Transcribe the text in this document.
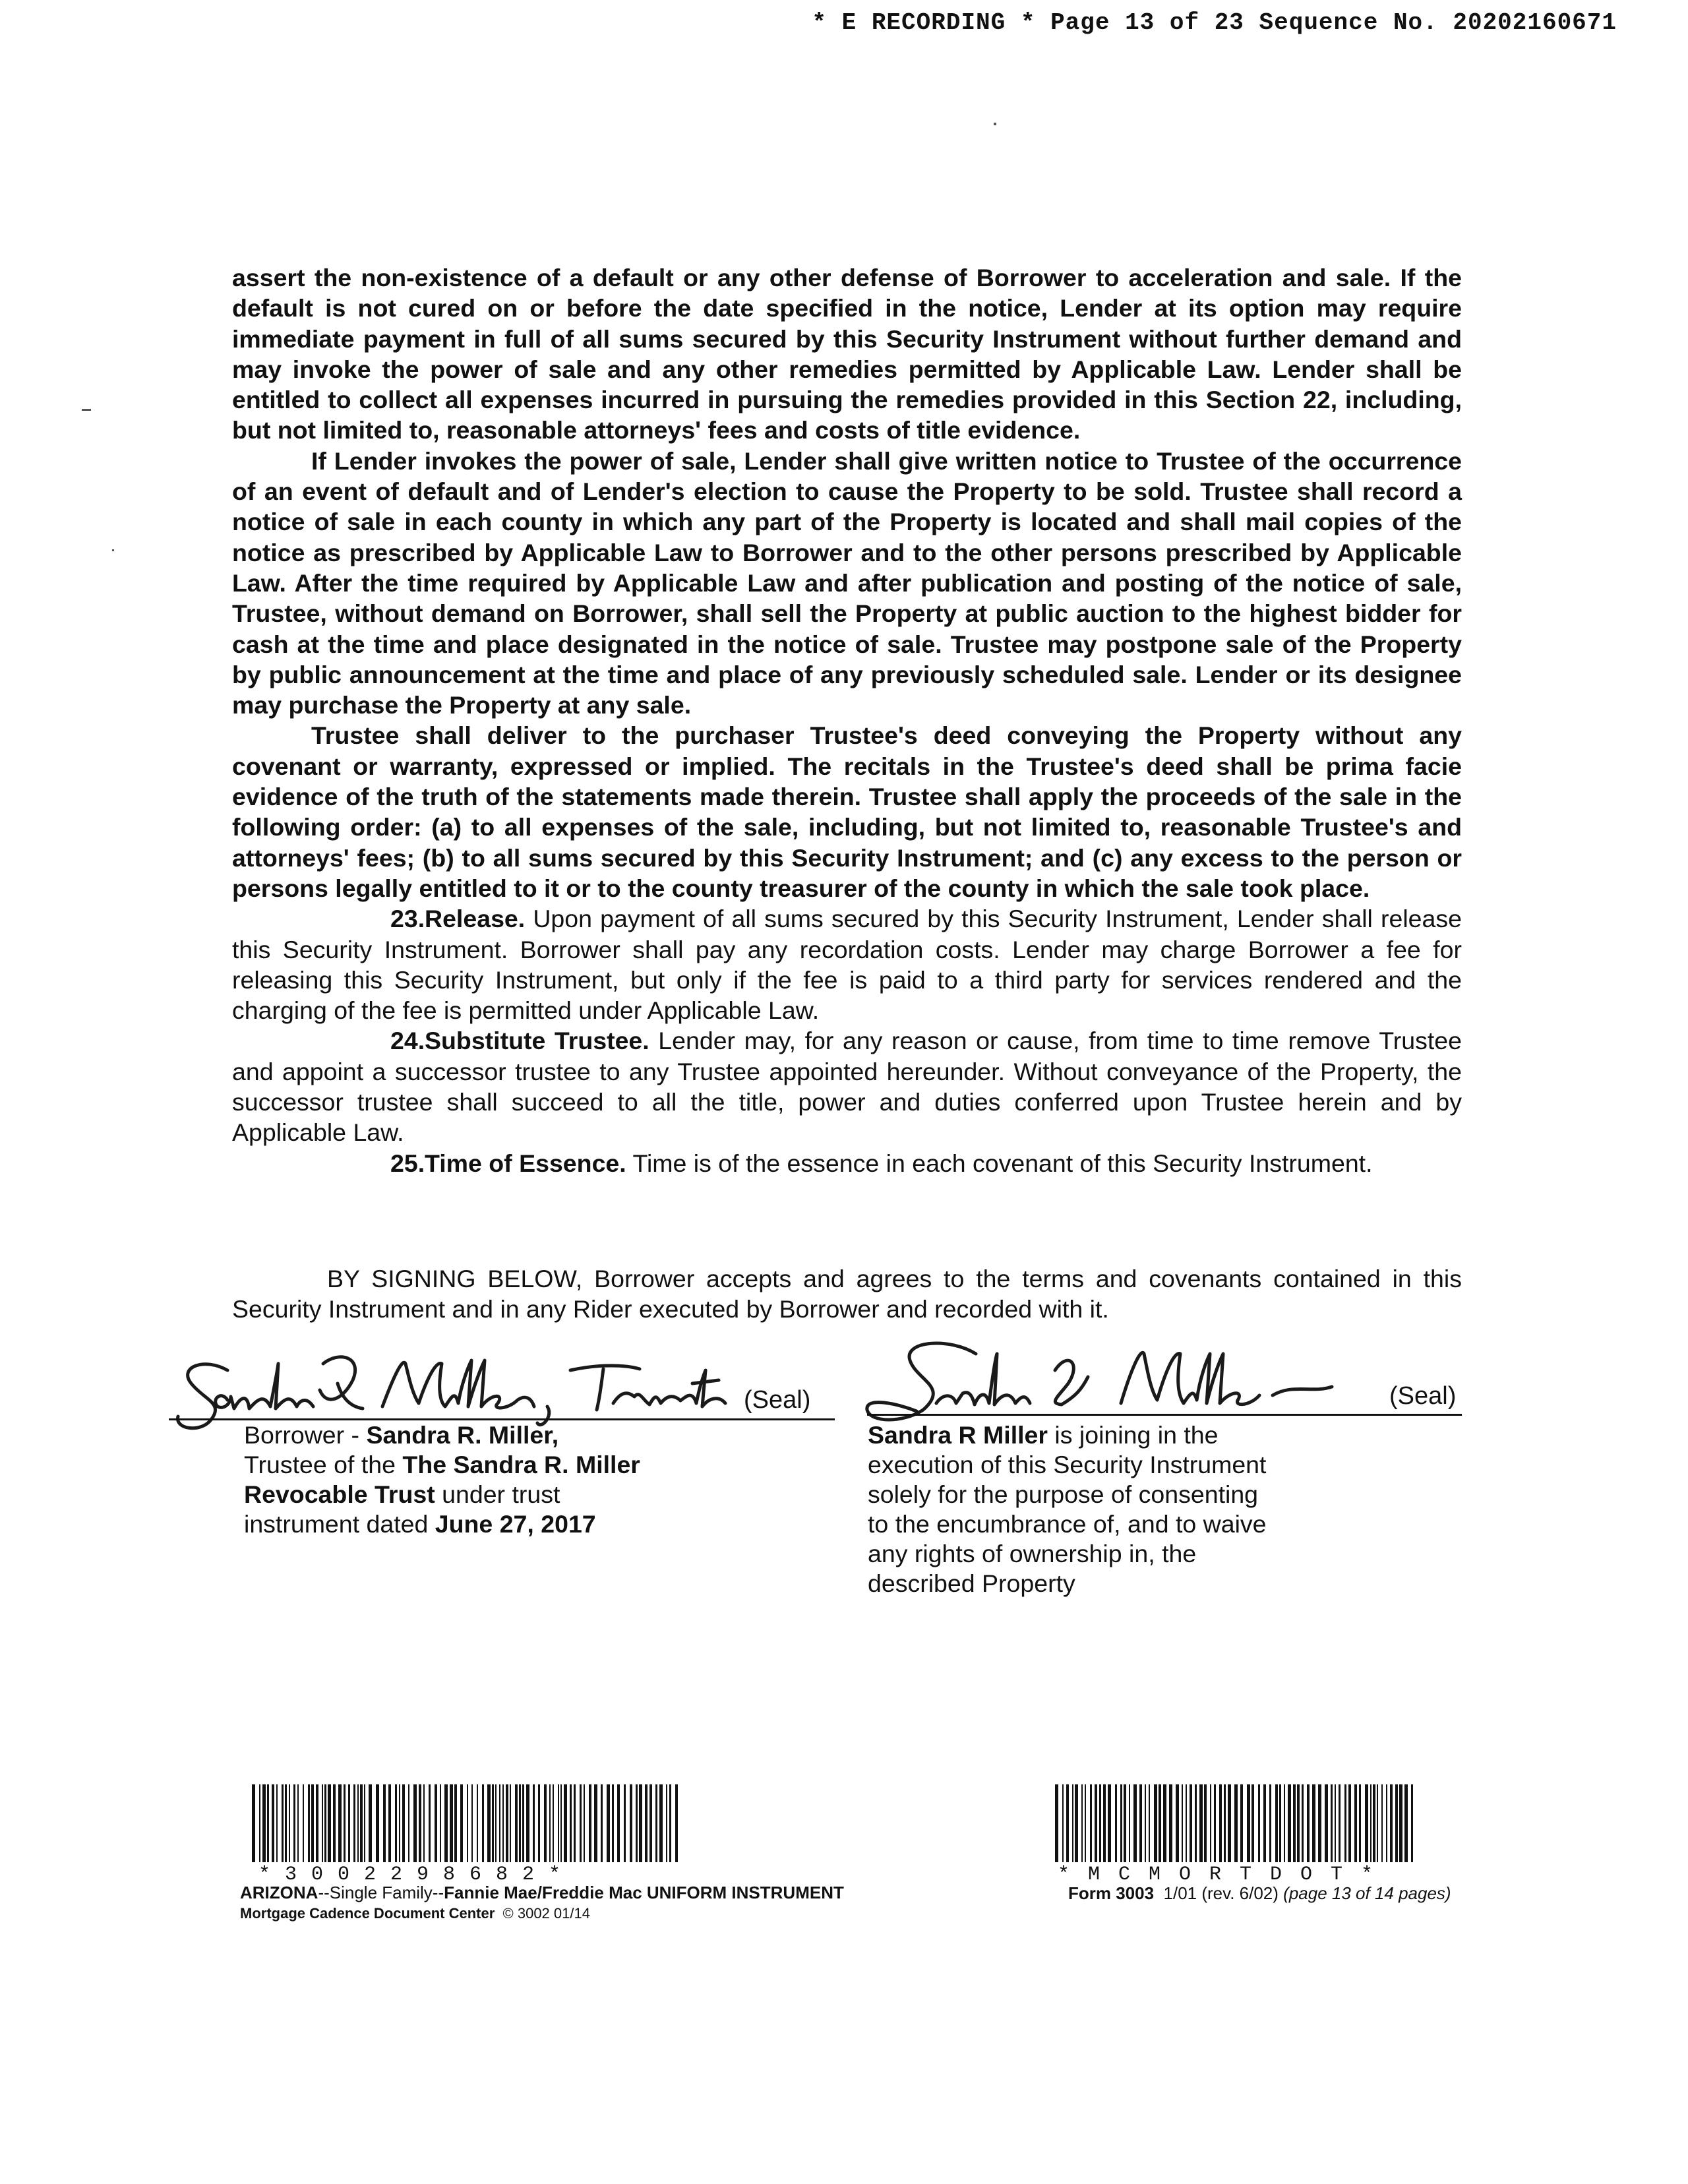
* E RECORDING * Page 13 of 23 Sequence No. 20202160671

assert the non-existence of a default or any other defense of Borrower to acceleration and sale. If the default is not cured on or before the date specified in the notice, Lender at its option may require immediate payment in full of all sums secured by this Security Instrument without further demand and may invoke the power of sale and any other remedies permitted by Applicable Law. Lender shall be entitled to collect all expenses incurred in pursuing the remedies provided in this Section 22, including, but not limited to, reasonable attorneys' fees and costs of title evidence.

If Lender invokes the power of sale, Lender shall give written notice to Trustee of the occurrence of an event of default and of Lender's election to cause the Property to be sold. Trustee shall record a notice of sale in each county in which any part of the Property is located and shall mail copies of the notice as prescribed by Applicable Law to Borrower and to the other persons prescribed by Applicable Law. After the time required by Applicable Law and after publication and posting of the notice of sale, Trustee, without demand on Borrower, shall sell the Property at public auction to the highest bidder for cash at the time and place designated in the notice of sale. Trustee may postpone sale of the Property by public announcement at the time and place of any previously scheduled sale. Lender or its designee may purchase the Property at any sale.

Trustee shall deliver to the purchaser Trustee's deed conveying the Property without any covenant or warranty, expressed or implied. The recitals in the Trustee's deed shall be prima facie evidence of the truth of the statements made therein. Trustee shall apply the proceeds of the sale in the following order: (a) to all expenses of the sale, including, but not limited to, reasonable Trustee's and attorneys' fees; (b) to all sums secured by this Security Instrument; and (c) any excess to the person or persons legally entitled to it or to the county treasurer of the county in which the sale took place.

23.Release. Upon payment of all sums secured by this Security Instrument, Lender shall release this Security Instrument. Borrower shall pay any recordation costs. Lender may charge Borrower a fee for releasing this Security Instrument, but only if the fee is paid to a third party for services rendered and the charging of the fee is permitted under Applicable Law.

24.Substitute Trustee. Lender may, for any reason or cause, from time to time remove Trustee and appoint a successor trustee to any Trustee appointed hereunder. Without conveyance of the Property, the successor trustee shall succeed to all the title, power and duties conferred upon Trustee herein and by Applicable Law.

25.Time of Essence. Time is of the essence in each covenant of this Security Instrument.

BY SIGNING BELOW, Borrower accepts and agrees to the terms and covenants contained in this Security Instrument and in any Rider executed by Borrower and recorded with it.
(Seal)
Borrower - Sandra R. Miller,
Trustee of the The Sandra R. Miller
Revocable Trust under trust
instrument dated June 27, 2017
(Seal)
Sandra R Miller is joining in the
execution of this Security Instrument
solely for the purpose of consenting
to the encumbrance of, and to waive
any rights of ownership in, the
described Property
*3002298682*	*MCMORTDOT*
ARIZONA--Single Family--Fannie Mae/Freddie Mac UNIFORM INSTRUMENT
Mortgage Cadence Document Center © 3002 01/14
Form 3003 1/01 (rev. 6/02) (page 13 of 14 pages)
